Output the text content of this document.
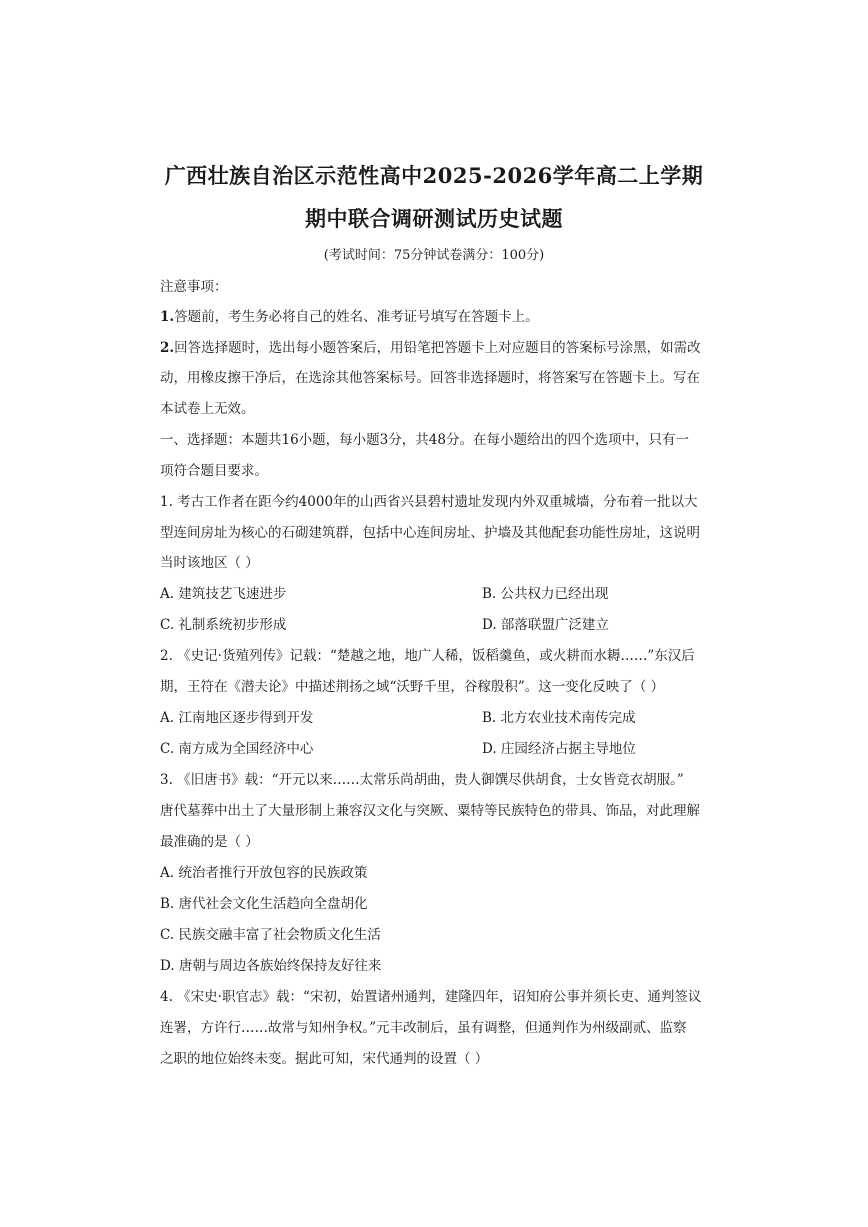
广西壮族自治区示范性高中2025-2026学年高二上学期
期中联合调研测试历史试题
(考试时间：75分钟试卷满分：100分)
注意事项：
1.答题前，考生务必将自己的姓名、准考证号填写在答题卡上。
2.回答选择题时，选出每小题答案后，用铅笔把答题卡上对应题目的答案标号涂黑，如需改
动，用橡皮擦干净后，在选涂其他答案标号。回答非选择题时，将答案写在答题卡上。写在
本试卷上无效。
一、选择题：本题共16小题，每小题3分，共48分。在每小题给出的四个选项中，只有一
项符合题目要求。
1. 考古工作者在距今约4000年的山西省兴县碧村遗址发现内外双重城墙，分布着一批以大
型连间房址为核心的石砌建筑群，包括中心连间房址、护墙及其他配套功能性房址，这说明
当时该地区（ ）
A. 建筑技艺飞速进步	B. 公共权力已经出现
C. 礼制系统初步形成	D. 部落联盟广泛建立
2. 《史记·货殖列传》记载：“楚越之地，地广人稀，饭稻羹鱼，或火耕而水耨……”东汉后
期，王符在《潜夫论》中描述荆扬之域“沃野千里，谷稼殷积”。这一变化反映了（ ）
A. 江南地区逐步得到开发	B. 北方农业技术南传完成
C. 南方成为全国经济中心	D. 庄园经济占据主导地位
3. 《旧唐书》载：“开元以来……太常乐尚胡曲，贵人御馔尽供胡食，士女皆竞衣胡服。”
唐代墓葬中出土了大量形制上兼容汉文化与突厥、粟特等民族特色的带具、饰品，对此理解
最准确的是（ ）
A. 统治者推行开放包容的民族政策
B. 唐代社会文化生活趋向全盘胡化
C. 民族交融丰富了社会物质文化生活
D. 唐朝与周边各族始终保持友好往来
4. 《宋史·职官志》载：“宋初，始置诸州通判，建隆四年，诏知府公事并须长吏、通判签议
连署，方许行……故常与知州争权。”元丰改制后，虽有调整，但通判作为州级副贰、监察
之职的地位始终未变。据此可知，宋代通判的设置（ ）
